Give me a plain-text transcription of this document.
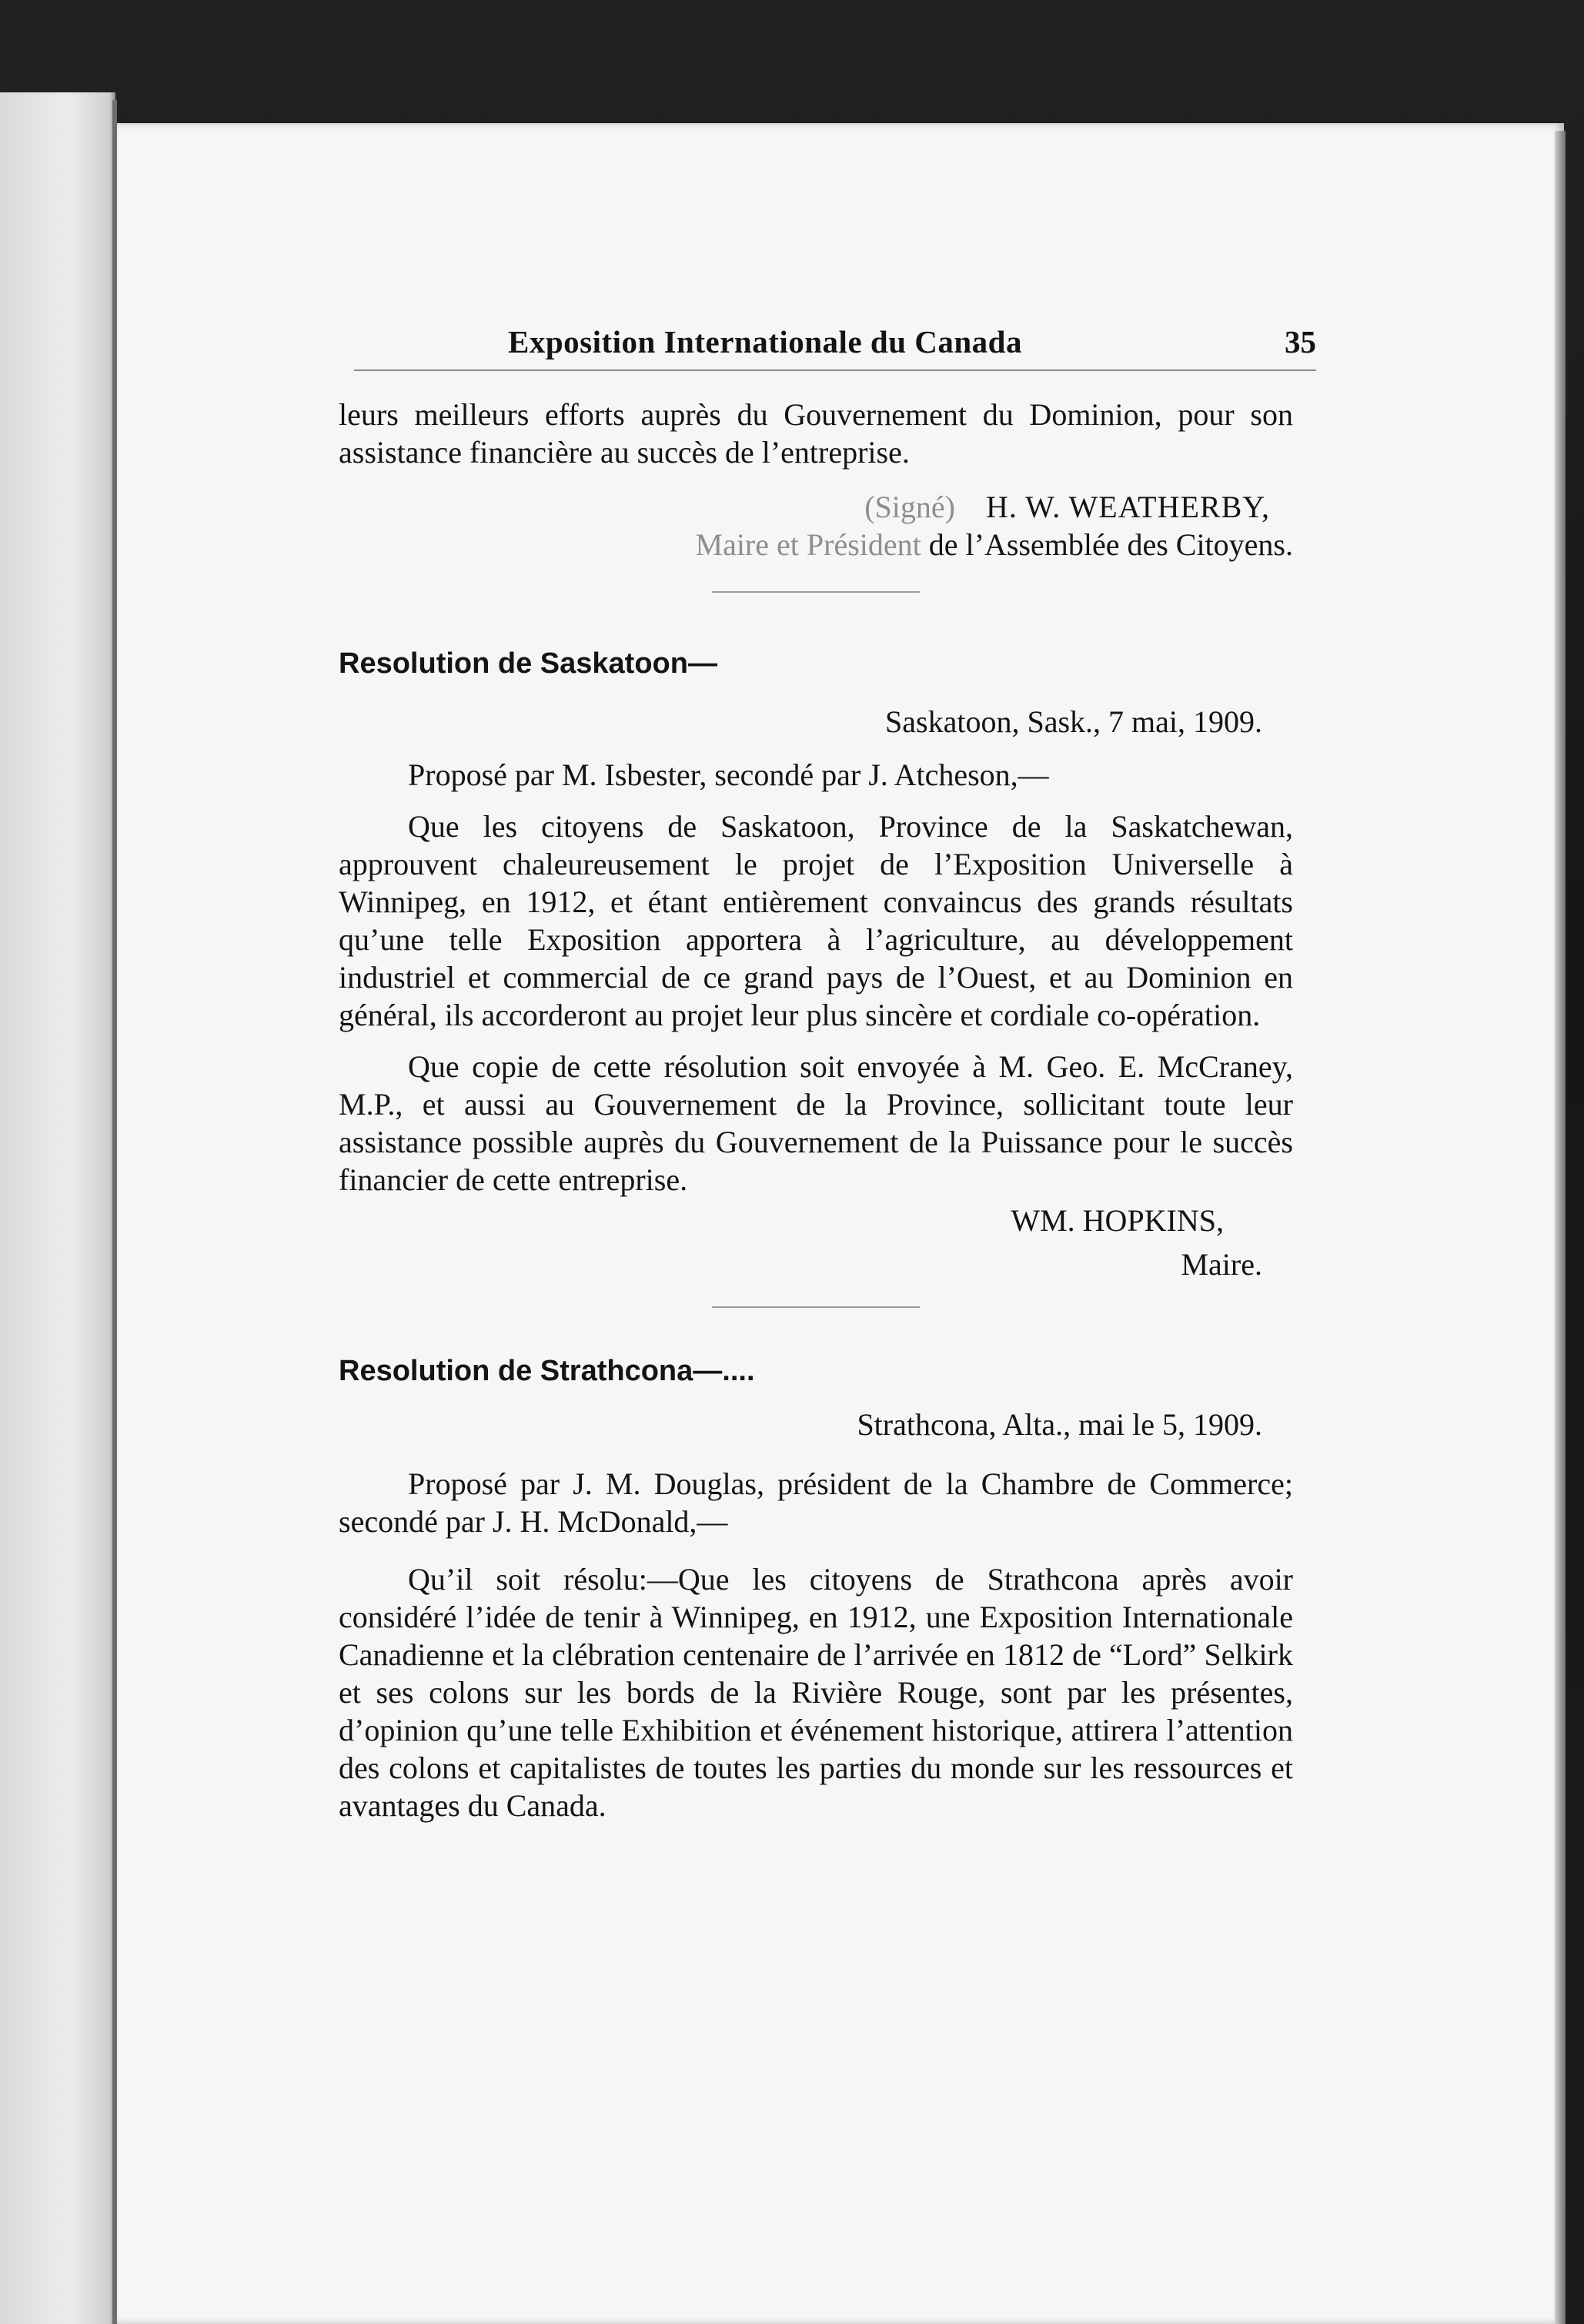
Exposition Internationale du Canada	35

leurs meilleurs efforts auprès du Gouvernement du Dominion, pour son assistance financière au succès de l’entreprise.

(Signé) H. W. WEATHERBY,

Maire et Président de l’Assemblée des Citoyens.

Resolution de Saskatoon—

Saskatoon, Sask., 7 mai, 1909.

Proposé par M. Isbester, secondé par J. Atcheson,—

Que les citoyens de Saskatoon, Province de la Saskatchewan, approuvent chaleureusement le projet de l’Exposition Universelle à Winnipeg, en 1912, et étant entièrement convaincus des grands résultats qu’une telle Exposition apportera à l’agriculture, au développement industriel et commercial de ce grand pays de l’Ouest, et au Dominion en général, ils accorderont au projet leur plus sincère et cordiale co-opération.

Que copie de cette résolution soit envoyée à M. Geo. E. McCraney, M.P., et aussi au Gouvernement de la Province, sollicitant toute leur assistance possible auprès du Gouvernement de la Puissance pour le succès financier de cette entreprise.

WM. HOPKINS,

Maire.

Resolution de Strathcona—....

Strathcona, Alta., mai le 5, 1909.

Proposé par J. M. Douglas, président de la Chambre de Commerce; secondé par J. H. McDonald,—

Qu’il soit résolu:—Que les citoyens de Strathcona après avoir considéré l’idée de tenir à Winnipeg, en 1912, une Exposition Internationale Canadienne et la clébration centenaire de l’arrivée en 1812 de “Lord” Selkirk et ses colons sur les bords de la Rivière Rouge, sont par les présentes, d’opinion qu’une telle Exhibition et événement historique, attirera l’attention des colons et capitalistes de toutes les parties du monde sur les ressources et avantages du Canada.
